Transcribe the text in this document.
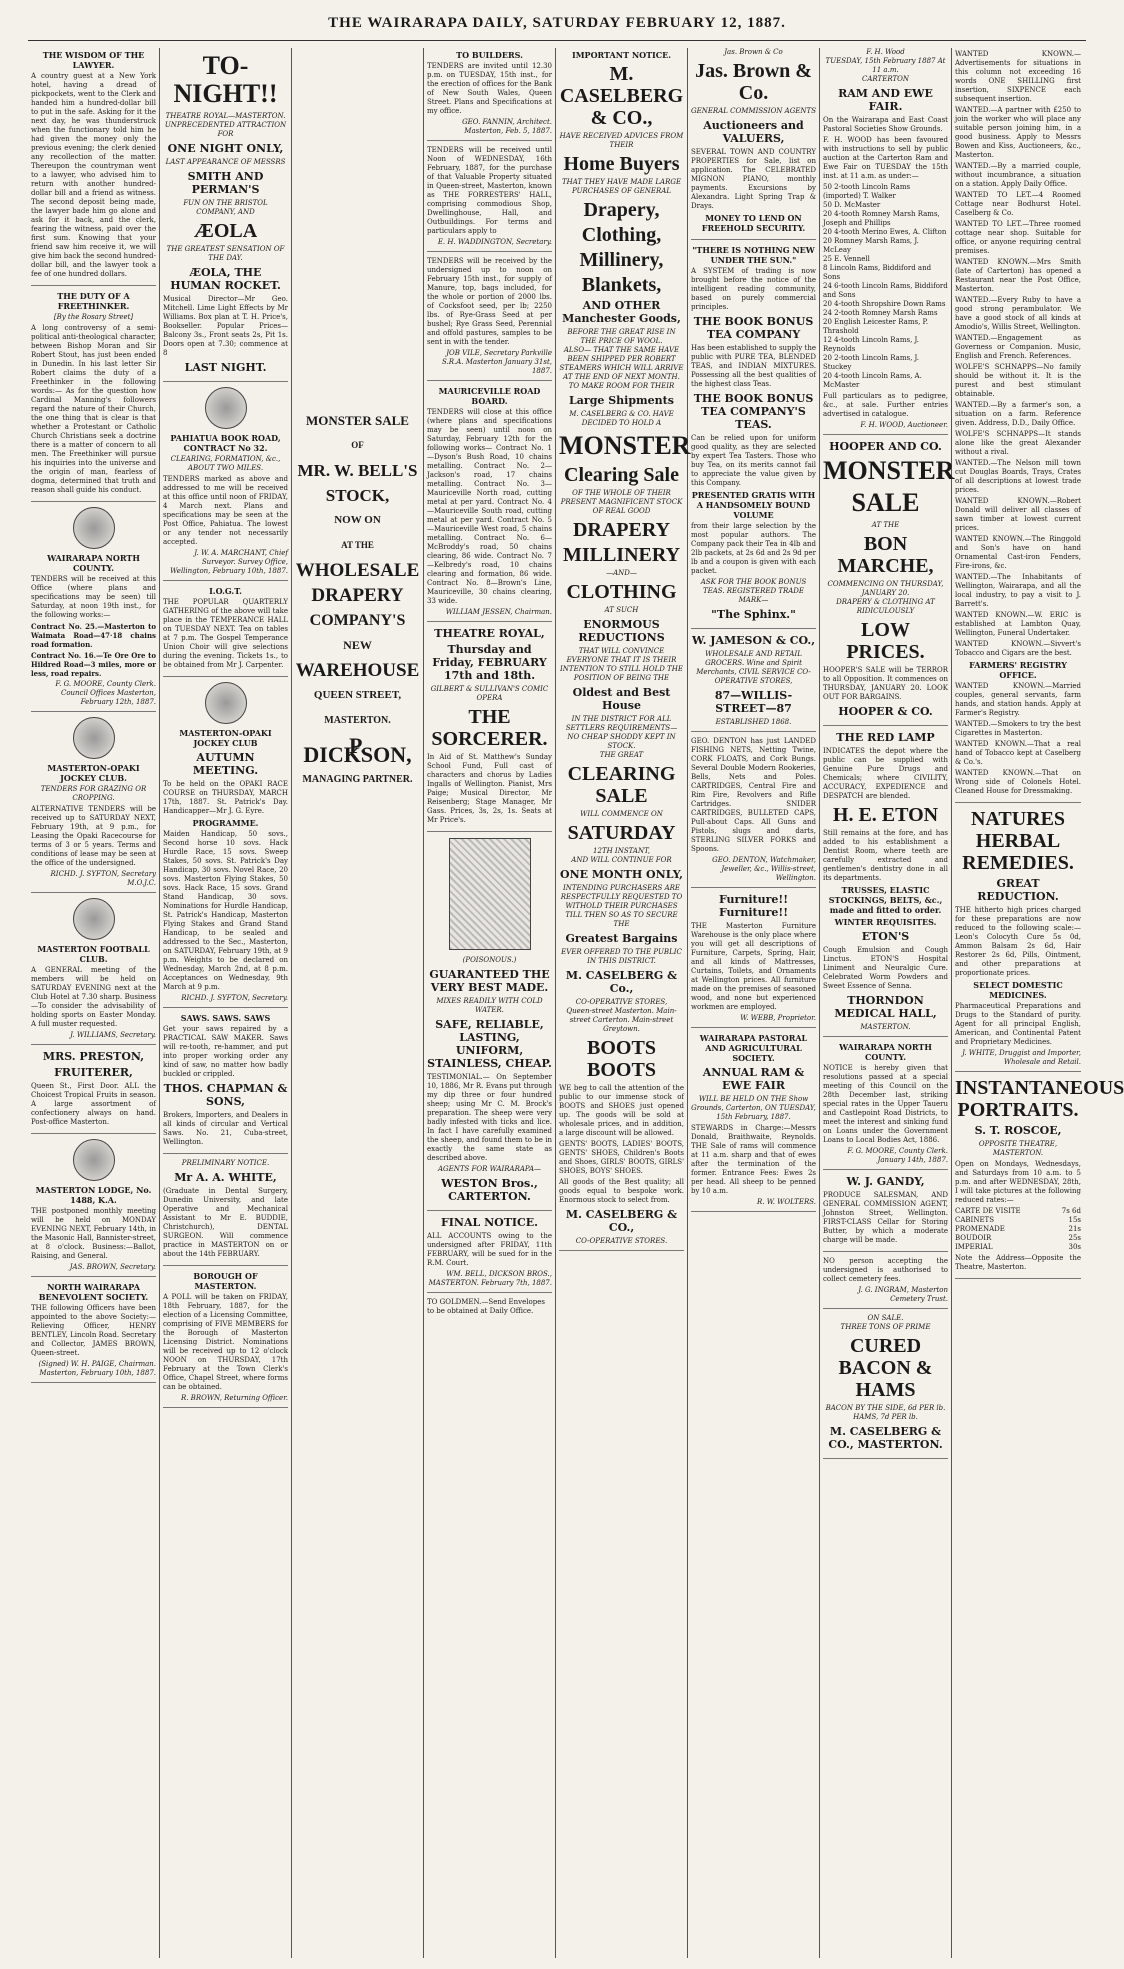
THE WAIRARAPA DAILY, SATURDAY FEBRUARY 12, 1887.
THE WISDOM OF THE LAWYER.
A country guest at a New York hotel, having a dread of pickpockets, went to the Clerk and handed him a hundred-dollar bill to put in the safe. Asking for it the next day, he was thunderstruck when the functionary told him he had given the money only the previous evening; the clerk denied any recollection of the matter. Thereupon the countryman went to a lawyer, who advised him to return with another hundred-dollar bill and a friend as witness. The second deposit being made, the lawyer bade him go alone and ask for it back, and the clerk, fearing the witness, paid over the first sum. Knowing that your friend saw him receive it, we will give him back the second hundred-dollar bill, and the lawyer took a fee of one hundred dollars.
THE DUTY OF A FREETHINKER.
[By the Rosary Street]
A long controversy of a semi-political anti-theological character, between Bishop Moran and Sir Robert Stout, has just been ended in Dunedin. In his last letter Sir Robert claims the duty of a Freethinker in the following words:— As for the question how Cardinal Manning's followers regard the nature of their Church, the one thing that is clear is that whether a Protestant or Catholic Church Christians seek a doctrine there is a matter of concern to all men. The Freethinker will pursue his inquiries into the universe and the origin of man, fearless of dogma, determined that truth and reason shall guide his conduct.
WAIRARAPA NORTH COUNTY.
TENDERS will be received at this Office (where plans and specifications may be seen) till Saturday, at noon 19th inst., for the following works:—
Contract No. 25.—Masterton to Waimata Road—47·18 chains road formation.
Contract No. 16.—Te Ore Ore to Hildred Road—3 miles, more or less, road repairs.
F. G. MOORE, County Clerk. Council Offices Masterton, February 12th, 1887.
MASTERTON-OPAKI JOCKEY CLUB.
TENDERS FOR GRAZING OR CROPPING.
ALTERNATIVE TENDERS will be received up to SATURDAY NEXT, February 19th, at 9 p.m., for Leasing the Opaki Racecourse for terms of 3 or 5 years. Terms and conditions of lease may be seen at the office of the undersigned.
RICHD. J. SYFTON, Secretary M.O.J.C.
MASTERTON FOOTBALL CLUB.
A GENERAL meeting of the members will be held on SATURDAY EVENING next at the Club Hotel at 7.30 sharp. Business—To consider the advisability of holding sports on Easter Monday. A full muster requested.
J. WILLIAMS, Secretary.
MRS. PRESTON,
FRUITERER,
Queen St., First Door. ALL the Choicest Tropical Fruits in season. A large assortment of confectionery always on hand. Post-office Masterton.
MASTERTON LODGE, No. 1488, K.A.
THE postponed monthly meeting will be held on MONDAY EVENING NEXT, February 14th, in the Masonic Hall, Bannister-street, at 8 o'clock. Business:—Ballot, Raising, and General.
JAS. BROWN, Secretary.
NORTH WAIRARAPA BENEVOLENT SOCIETY.
THE following Officers have been appointed to the above Society:— Relieving Officer, HENRY BENTLEY, Lincoln Road. Secretary and Collector, JAMES BROWN, Queen-street.
(Signed) W. H. PAIGE, Chairman. Masterton, February 10th, 1887.
TO-NIGHT!!
THEATRE ROYAL—MASTERTON.
UNPRECEDENTED ATTRACTION FOR
ONE NIGHT ONLY,
LAST APPEARANCE OF MESSRS
SMITH AND PERMAN'S
FUN ON THE BRISTOL COMPANY, AND
ÆOLA
THE GREATEST SENSATION OF THE DAY.
ÆOLA, THE HUMAN ROCKET.
Musical Director—Mr Geo. Mitchell. Lime Light Effects by Mr Williams. Box plan at T. H. Price's, Bookseller. Popular Prices—Balcony 3s., Front seats 2s, Pit 1s. Doors open at 7.30; commence at 8
LAST NIGHT.
PAHIATUA BOOK ROAD, CONTRACT No 32.
CLEARING, FORMATION, &c., ABOUT TWO MILES.
TENDERS marked as above and addressed to me will be received at this office until noon of FRIDAY, 4 March next. Plans and specifications may be seen at the Post Office, Pahiatua. The lowest or any tender not necessarily accepted.
J. W. A. MARCHANT, Chief Surveyor. Survey Office, Wellington, February 10th, 1887.
I.O.G.T.
THE POPULAR QUARTERLY GATHERING of the above will take place in the TEMPERANCE HALL on TUESDAY NEXT. Tea on tables at 7 p.m. The Gospel Temperance Union Choir will give selections during the evening. Tickets 1s., to be obtained from Mr J. Carpenter.
MASTERTON-OPAKI JOCKEY CLUB
AUTUMN MEETING.
To be held on the OPAKI RACE COURSE on THURSDAY, MARCH 17th, 1887. St. Patrick's Day. Handicapper—Mr J. G. Eyre.
PROGRAMME.
Maiden Handicap, 50 sovs., Second horse 10 sovs. Hack Hurdle Race, 15 sovs. Sweep Stakes, 50 sovs. St. Patrick's Day Handicap, 30 sovs. Novel Race, 20 sovs. Masterton Flying Stakes, 50 sovs. Hack Race, 15 sovs. Grand Stand Handicap, 30 sovs. Nominations for Hurdle Handicap, St. Patrick's Handicap, Masterton Flying Stakes and Grand Stand Handicap, to be sealed and addressed to the Sec., Masterton, on SATURDAY, February 19th, at 9 p.m. Weights to be declared on Wednesday, March 2nd, at 8 p.m. Acceptances on Wednesday, 9th March at 9 p.m.
RICHD. J. SYFTON, Secretary.
SAWS. SAWS. SAWS
Get your saws repaired by a PRACTICAL SAW MAKER. Saws will re-tooth, re-hammer, and put into proper working order any kind of saw, no matter how badly buckled or crippled.
THOS. CHAPMAN & SONS,
Brokers, Importers, and Dealers in all kinds of circular and Vertical Saws. No. 21, Cuba-street, Wellington.
PRELIMINARY NOTICE.
Mr A. A. WHITE,
(Graduate in Dental Surgery, Dunedin University, and late Operative and Mechanical Assistant to Mr E. BUDDIE, Christchurch), DENTAL SURGEON. Will commence practice in MASTERTON on or about the 14th FEBRUARY.
BOROUGH OF MASTERTON.
A POLL will be taken on FRIDAY, 18th February, 1887, for the election of a Licensing Committee, comprising of FIVE MEMBERS for the Borough of Masterton Licensing District. Nominations will be received up to 12 o'clock NOON on THURSDAY, 17th February at the Town Clerk's Office, Chapel Street, where forms can be obtained.
R. BROWN, Returning Officer.
MONSTER SALE
OF
MR. W. BELL'S
STOCK,
NOW ON
AT THE
WHOLESALE
DRAPERY
COMPANY'S
NEW
WAREHOUSE
QUEEN STREET,
MASTERTON.
P. DICKSON,
MANAGING PARTNER.
TO BUILDERS.
TENDERS are invited until 12.30 p.m. on TUESDAY, 15th inst., for the erection of offices for the Bank of New South Wales, Queen Street. Plans and Specifications at my office.
GEO. FANNIN, Architect. Masterton, Feb. 5, 1887.
TENDERS will be received until Noon of WEDNESDAY, 16th February, 1887, for the purchase of that Valuable Property situated in Queen-street, Masterton, known as THE FORRESTERS' HALL, comprising commodious Shop, Dwellinghouse, Hall, and Outbuildings. For terms and particulars apply to
E. H. WADDINGTON, Secretary.
TENDERS will be received by the undersigned up to noon on February 15th inst., for supply of Manure, top, bags included, for the whole or portion of 2000 lbs. of Cocksfoot seed, per lb; 2250 lbs. of Rye-Grass Seed at per bushel; Rye Grass Seed, Perennial and offold pastures, samples to be sent in with the tender.
JOB VILE, Secretary Parkville S.R.A. Masterton January 31st, 1887.
MAURICEVILLE ROAD BOARD.
TENDERS will close at this office (where plans and specifications may be seen) until noon on Saturday, February 12th for the following works— Contract No. 1—Dyson's Bush Road, 10 chains metalling. Contract No. 2—Jackson's road, 17 chains metalling. Contract No. 3—Mauriceville North road, cutting metal at per yard. Contract No. 4—Mauriceville South road, cutting metal at per yard. Contract No. 5—Mauriceville West road, 5 chains metalling. Contract No. 6—McBroddy's road, 50 chains clearing, 86 wide. Contract No. 7—Kelbredy's road, 10 chains clearing and formation, 86 wide. Contract No. 8—Brown's Line, Mauriceville, 30 chains clearing, 33 wide.
WILLIAM JESSEN, Chairman.
THEATRE ROYAL,
Thursday and Friday, FEBRUARY 17th and 18th.
GILBERT & SULLIVAN'S COMIC OPERA
THE SORCERER.
In Aid of St. Matthew's Sunday School Fund, Full cast of characters and chorus by Ladies Ingalls of Wellington. Pianist, Mrs Paige; Musical Director, Mr Reisenberg; Stage Manager, Mr Gass. Prices, 3s, 2s, 1s. Seats at Mr Price's.
(POISONOUS.)
GUARANTEED THE VERY BEST MADE.
MIXES READILY WITH COLD WATER.
SAFE, RELIABLE, LASTING, UNIFORM, STAINLESS, CHEAP.
TESTIMONIAL.— On September 10, 1886, Mr R. Evans put through my dip three or four hundred sheep; using Mr C. M. Brock's preparation. The sheep were very badly infested with ticks and lice. In fact I have carefully examined the sheep, and found them to be in exactly the same state as described above.
AGENTS FOR WAIRARAPA—
WESTON Bros., CARTERTON.
FINAL NOTICE.
ALL ACCOUNTS owing to the undersigned after FRIDAY, 11th FEBRUARY, will be sued for in the R.M. Court.
WM. BELL, DICKSON BROS., MASTERTON. February 7th, 1887.
TO GOLDMEN.—Send Envelopes to be obtained at Daily Office.
IMPORTANT NOTICE.
M. CASELBERG & CO.,
HAVE RECEIVED ADVICES FROM THEIR
Home Buyers
THAT THEY HAVE MADE LARGE PURCHASES OF GENERAL
Drapery,
Clothing,
Millinery,
Blankets,
AND OTHER Manchester Goods,
BEFORE THE GREAT RISE IN THE PRICE OF WOOL.
ALSO— THAT THE SAME HAVE BEEN SHIPPED PER ROBERT STEAMERS WHICH WILL ARRIVE AT THE END OF NEXT MONTH.
TO MAKE ROOM FOR THEIR
Large Shipments
M. CASELBERG & CO. HAVE DECIDED TO HOLD A
MONSTER
Clearing Sale
OF THE WHOLE OF THEIR PRESENT MAGNIFICENT STOCK OF REAL GOOD
DRAPERY
MILLINERY
—AND—
CLOTHING
AT SUCH
ENORMOUS REDUCTIONS
THAT WILL CONVINCE EVERYONE THAT IT IS THEIR INTENTION TO STILL HOLD THE POSITION OF BEING THE
Oldest and Best House
IN THE DISTRICT FOR ALL SETTLERS REQUIREMENTS— NO CHEAP SHODDY KEPT IN STOCK.
THE GREAT
CLEARING SALE
WILL COMMENCE ON
SATURDAY
12TH INSTANT,
AND WILL CONTINUE FOR
ONE MONTH ONLY,
INTENDING PURCHASERS ARE RESPECTFULLY REQUESTED TO WITHOLD THEIR PURCHASES TILL THEN SO AS TO SECURE THE
Greatest Bargains
EVER OFFERED TO THE PUBLIC IN THIS DISTRICT.
M. CASELBERG & Co.,
CO-OPERATIVE STORES,
Queen-street Masterton. Main-street Carterton. Main-street Greytown.
BOOTS BOOTS
WE beg to call the attention of the public to our immense stock of BOOTS and SHOES just opened up. The goods will be sold at wholesale prices, and in addition, a large discount will be allowed.
GENTS' BOOTS, LADIES' BOOTS, GENTS' SHOES, Children's Boots and Shoes, GIRLS' BOOTS, GIRLS' SHOES, BOYS' SHOES.
All goods of the Best quality; all goods equal to bespoke work. Enormous stock to select from.
M. CASELBERG & CO.,
CO-OPERATIVE STORES.
Jas. Brown & Co
Jas. Brown & Co.
GENERAL COMMISSION AGENTS
Auctioneers and VALUERS,
SEVERAL TOWN AND COUNTRY PROPERTIES for Sale, list on application. The CELEBRATED MIGNON PIANO, monthly payments. Excursions by Alexandra. Light Spring Trap & Drays.
MONEY TO LEND ON FREEHOLD SECURITY.
"THERE IS NOTHING NEW UNDER THE SUN."
A SYSTEM of trading is now brought before the notice of the intelligent reading community, based on purely commercial principles.
THE BOOK BONUS TEA COMPANY
Has been established to supply the public with PURE TEA, BLENDED TEAS, and INDIAN MIXTURES. Possessing all the best qualities of the highest class Teas.
THE BOOK BONUS TEA COMPANY'S TEAS.
Can be relied upon for uniform good quality, as they are selected by expert Tea Tasters. Those who buy Tea, on its merits cannot fail to appreciate the value given by this Company.
PRESENTED GRATIS WITH A HANDSOMELY BOUND VOLUME
from their large selection by the most popular authors. The Company pack their Tea in 4lb and 2lb packets, at 2s 6d and 2s 9d per lb and a coupon is given with each packet.
ASK FOR THE BOOK BONUS TEAS. REGISTERED TRADE MARK—
"The Sphinx."
W. JAMESON & CO.,
WHOLESALE AND RETAIL GROCERS. Wine and Spirit Merchants, CIVIL SERVICE CO-OPERATIVE STORES,
87—WILLIS-STREET—87
ESTABLISHED 1868.
GEO. DENTON has just LANDED FISHING NETS, Netting Twine, CORK FLOATS, and Cork Bungs. Several Double Modern Rookeries, Bells, Nets and Poles. CARTRIDGES, Central Fire and Rim Fire, Revolvers and Rifle Cartridges. SNIDER CARTRIDGES, BULLETED CAPS, Pull-about Caps. All Guns and Pistols, slugs and darts, STERLING SILVER FORKS and Spoons.
GEO. DENTON, Watchmaker, Jeweller, &c., Willis-street, Wellington.
Furniture!! Furniture!!
THE Masterton Furniture Warehouse is the only place where you will get all descriptions of Furniture, Carpets, Spring, Hair, and all kinds of Mattresses, Curtains, Toilets, and Ornaments at Wellington prices. All furniture made on the premises of seasoned wood, and none but experienced workmen are employed.
W. WEBB, Proprietor.
WAIRARAPA PASTORAL AND AGRICULTURAL SOCIETY.
ANNUAL RAM & EWE FAIR
WILL BE HELD ON THE Show Grounds, Carterton, ON TUESDAY, 15th February, 1887.
STEWARDS in Charge:—Messrs Donald, Braithwaite, Reynolds. THE Sale of rams will commence at 11 a.m. sharp and that of ewes after the termination of the former. Entrance Fees: Ewes 2s per head. All sheep to be penned by 10 a.m.
R. W. WOLTERS.
F. H. Wood
TUESDAY, 15th February 1887 At 11 a.m.
CARTERTON
RAM AND EWE FAIR.
On the Wairarapa and East Coast Pastoral Societies Show Grounds.
F. H. WOOD has been favoured with instructions to sell by public auction at the Carterton Ram and Ewe Fair on TUESDAY the 15th inst. at 11 a.m. as under:—
50 2-tooth Lincoln Rams (imported) T. Walker
50 D. McMaster
20 4-tooth Romney Marsh Rams, Joseph and Phillips
20 4-tooth Merino Ewes, A. Clifton
20 Romney Marsh Rams, J. McLeay
25 E. Vennell
8 Lincoln Rams, Biddiford and Sons
24 6-tooth Lincoln Rams, Biddiford and Sons
20 4-tooth Shropshire Down Rams
24 2-tooth Romney Marsh Rams
20 English Leicester Rams, P. Thrashold
12 4-tooth Lincoln Rams, J. Reynolds
20 2-tooth Lincoln Rams, J. Stuckey
20 4-tooth Lincoln Rams, A. McMaster
Full particulars as to pedigree, &c., at sale. Further entries advertised in catalogue.
F. H. WOOD, Auctioneer.
HOOPER AND CO.
MONSTER
SALE
AT THE
BON MARCHE,
COMMENCING ON THURSDAY, JANUARY 20.
DRAPERY & CLOTHING AT RIDICULOUSLY
LOW PRICES.
HOOPER'S SALE will be TERROR to all Opposition. It commences on THURSDAY, JANUARY 20. LOOK OUT FOR BARGAINS.
HOOPER & CO.
THE RED LAMP
INDICATES the depot where the public can be supplied with Genuine Pure Drugs and Chemicals; where CIVILITY, ACCURACY, EXPEDIENCE and DESPATCH are blended.
H. E. ETON
Still remains at the fore, and has added to his establishment a Dentist Room, where teeth are carefully extracted and gentlemen's dentistry done in all its departments.
TRUSSES, ELASTIC STOCKINGS, BELTS, &c., made and fitted to order.
WINTER REQUISITES.
ETON'S
Cough Emulsion and Cough Linctus. ETON'S Hospital Liniment and Neuralgic Cure. Celebrated Worm Powders and Sweet Essence of Senna.
THORNDON MEDICAL HALL,
MASTERTON.
WAIRARAPA NORTH COUNTY.
NOTICE is hereby given that resolutions passed at a special meeting of this Council on the 28th December last, striking special rates in the Upper Taueru and Castlepoint Road Districts, to meet the interest and sinking fund on Loans under the Government Loans to Local Bodies Act, 1886.
F. G. MOORE, County Clerk. January 14th, 1887.
W. J. GANDY,
PRODUCE SALESMAN, AND GENERAL COMMISSION AGENT, Johnston Street, Wellington. FIRST-CLASS Cellar for Storing Butter, by which a moderate charge will be made.
NO person accepting the undersigned is authorised to collect cemetery fees.
J. G. INGRAM, Masterton Cemetery Trust.
ON SALE.
THREE TONS OF PRIME
CURED BACON & HAMS
BACON BY THE SIDE, 6d PER lb. HAMS, 7d PER lb.
M. CASELBERG & CO., MASTERTON.
WANTED KNOWN.—Advertisements for situations in this column not exceeding 16 words ONE SHILLING first insertion, SIXPENCE each subsequent insertion.
WANTED.—A partner with £250 to join the worker who will place any suitable person joining him, in a good business. Apply to Messrs Bowen and Kiss, Auctioneers, &c., Masterton.
WANTED.—By a married couple, without incumbrance, a situation on a station. Apply Daily Office.
WANTED TO LET.—4 Roomed Cottage near Bodhurst Hotel. Caselberg & Co.
WANTED TO LET.—Three roomed cottage near shop. Suitable for office, or anyone requiring central premises.
WANTED KNOWN.—Mrs Smith (late of Carterton) has opened a Restaurant near the Post Office, Masterton.
WANTED.—Every Ruby to have a good strong perambulator. We have a good stock of all kinds at Amodio's, Willis Street, Wellington.
WANTED.—Engagement as Governess or Companion. Music, English and French. References.
WOLFE'S SCHNAPPS—No family should be without it. It is the purest and best stimulant obtainable.
WANTED.—By a farmer's son, a situation on a farm. Reference given. Address, D.D., Daily Office.
WOLFE'S SCHNAPPS—It stands alone like the great Alexander without a rival.
WANTED.—The Nelson mill town cut Douglas Boards, Trays, Crates of all descriptions at lowest trade prices.
WANTED KNOWN.—Robert Donald will deliver all classes of sawn timber at lowest current prices.
WANTED KNOWN.—The Ringgold and Son's have on hand Ornamental Cast-iron Fenders, Fire-irons, &c.
WANTED.—The Inhabitants of Wellington, Wairarapa, and all the local industry, to pay a visit to J. Barrett's.
WANTED KNOWN.—W. ERIC is established at Lambton Quay, Wellington, Funeral Undertaker.
WANTED KNOWN.—Sivvert's Tobacco and Cigars are the best.
FARMERS' REGISTRY OFFICE.
WANTED KNOWN.—Married couples, general servants, farm hands, and station hands. Apply at Farmer's Registry.
WANTED.—Smokers to try the best Cigarettes in Masterton.
WANTED KNOWN.—That a real hand of Tobacco kept at Caselberg & Co.'s.
WANTED KNOWN.—That on Wrong side of Colonels Hotel. Cleaned House for Dressmaking.
NATURES HERBAL REMEDIES.
GREAT REDUCTION.
THE hitherto high prices charged for these preparations are now reduced to the following scale:— Leon's Colocyth Cure 5s 0d, Ammon Balsam 2s 6d, Hair Restorer 2s 6d, Pills, Ointment, and other preparations at proportionate prices.
SELECT DOMESTIC MEDICINES.
Pharmaceutical Preparations and Drugs to the Standard of purity. Agent for all principal English, American, and Continental Patent and Proprietary Medicines.
J. WHITE, Druggist and Importer, Wholesale and Retail.
INSTANTANEOUS PORTRAITS.
S. T. ROSCOE,
OPPOSITE THEATRE, MASTERTON.
Open on Mondays, Wednesdays, and Saturdays from 10 a.m. to 5 p.m. and after WEDNESDAY, 28th, I will take pictures at the following reduced rates:—
CARTE DE VISITE	7s 6d
CABINETS	15s
PROMENADE	21s
BOUDOIR	25s
IMPERIAL	30s
Note the Address—Opposite the Theatre, Masterton.
